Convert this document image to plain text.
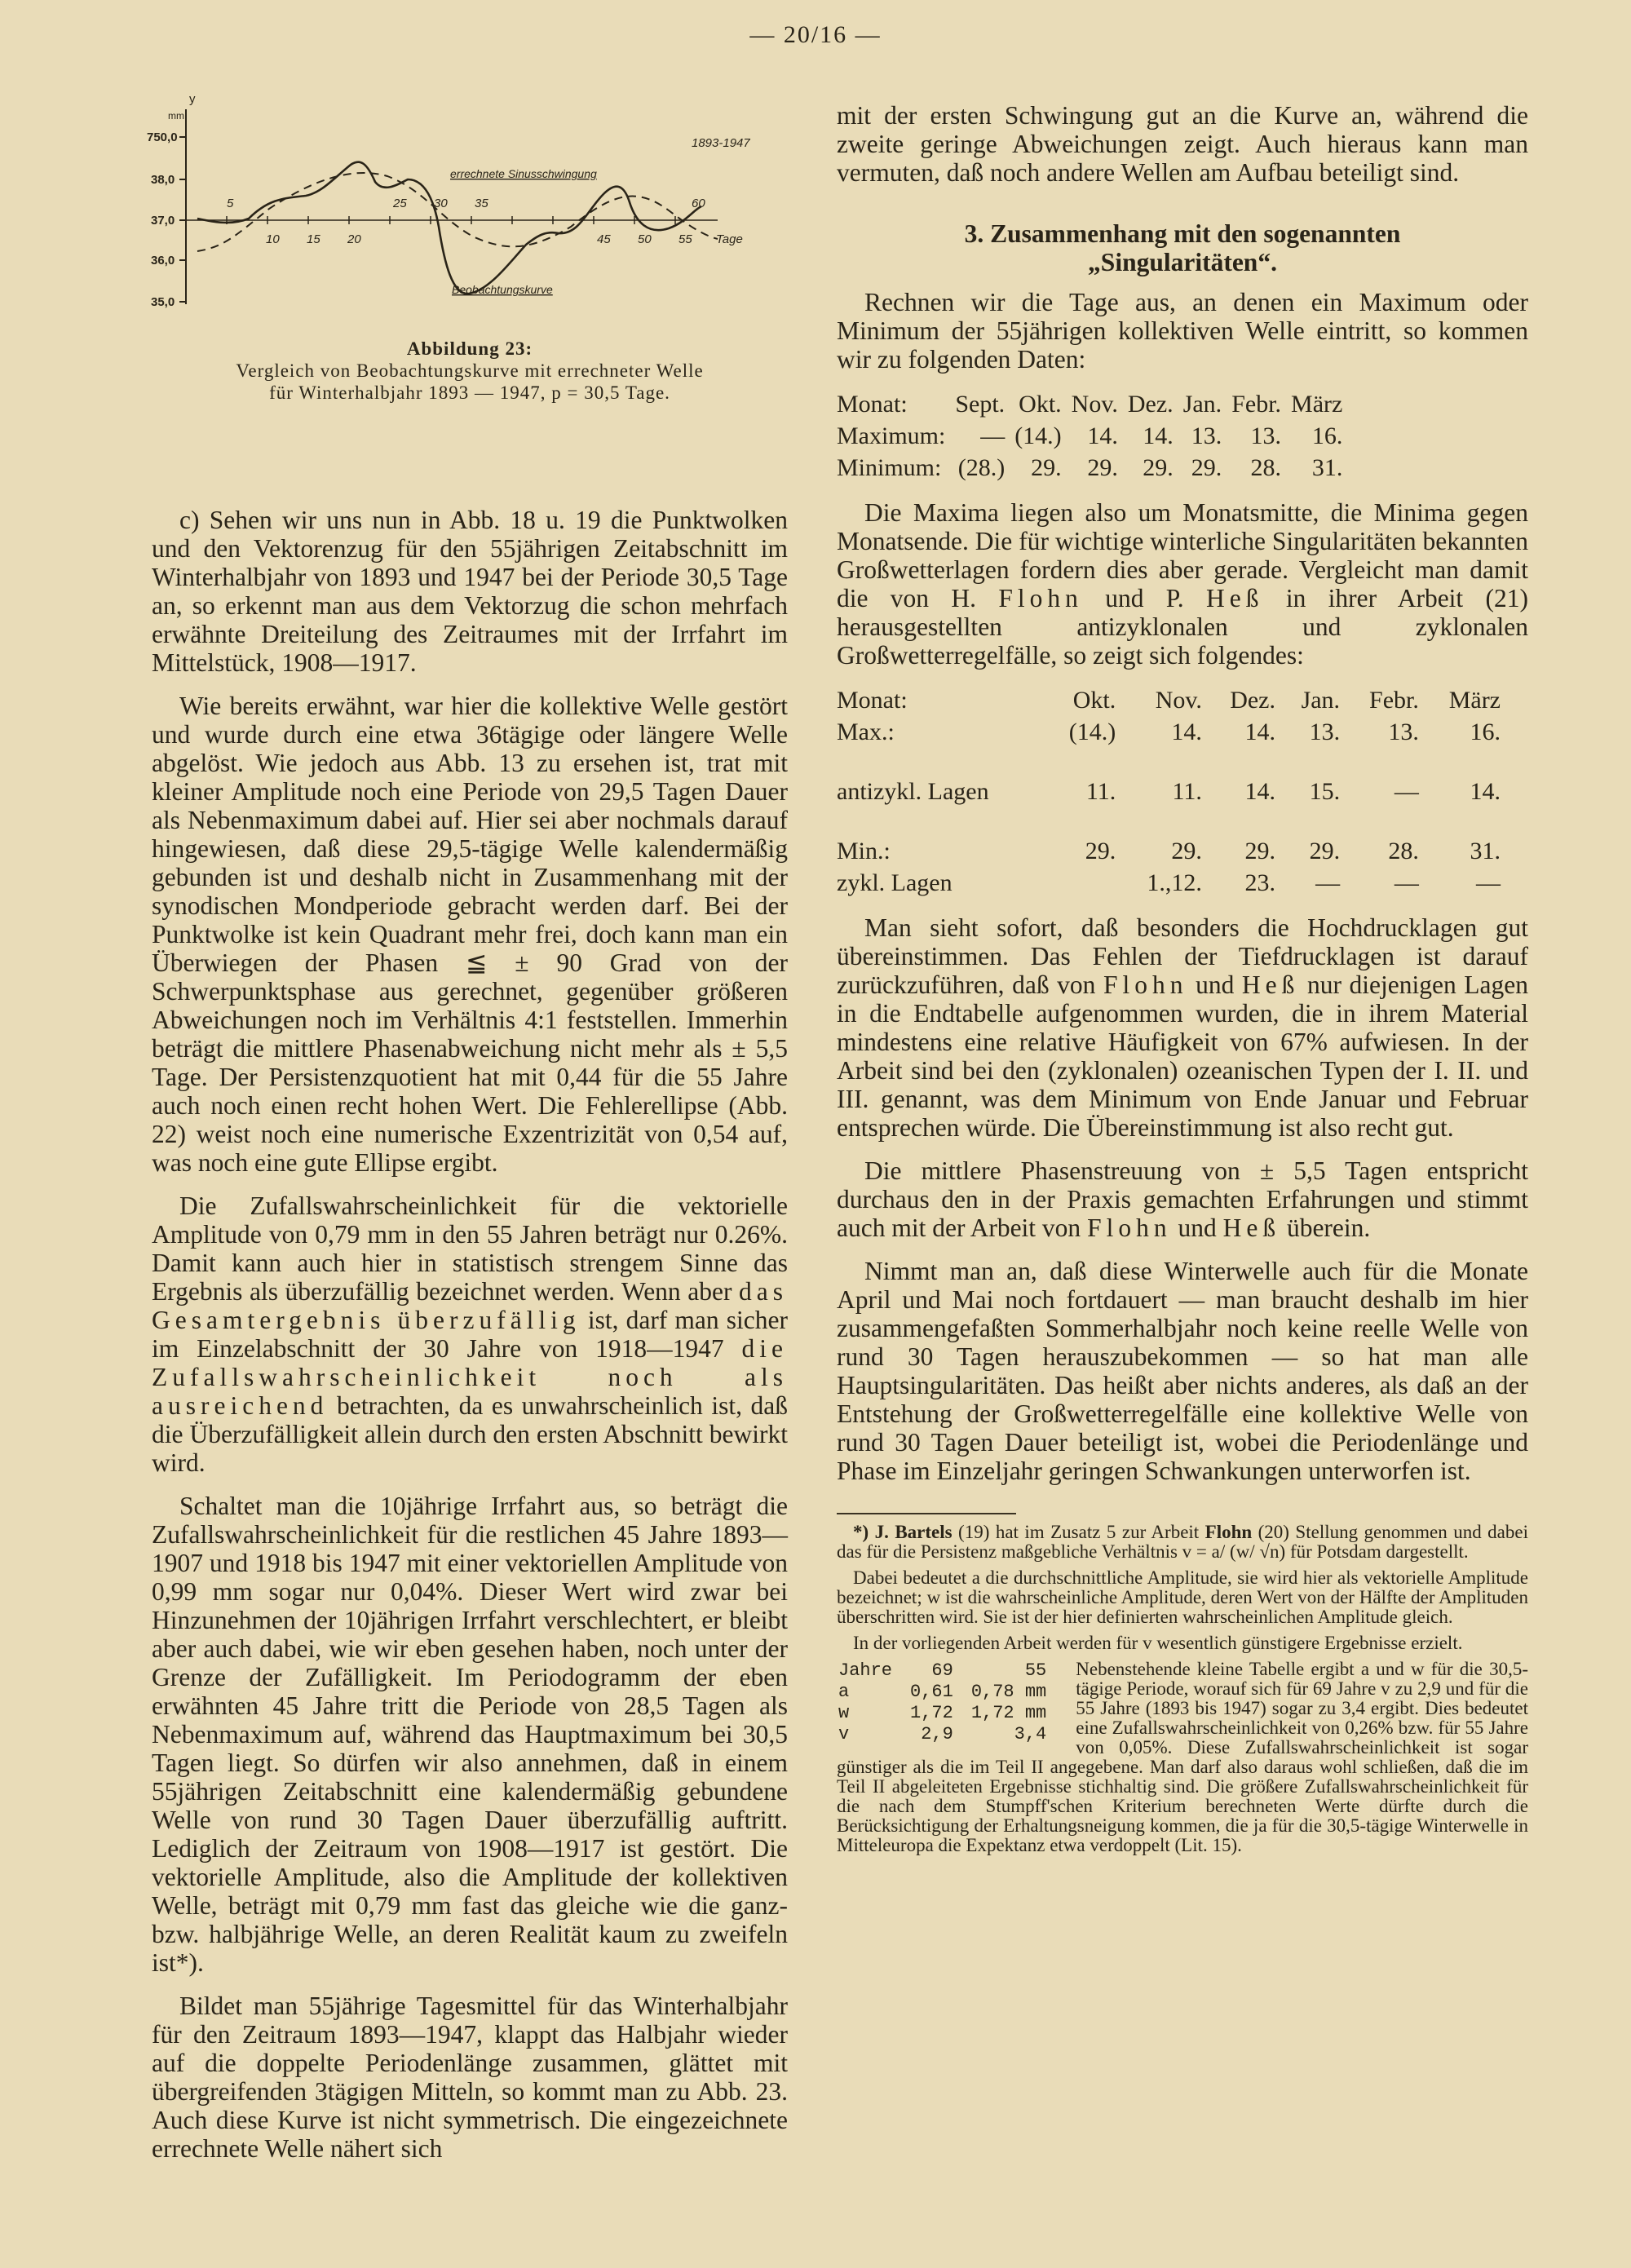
— 20/16 —
y
mm
750,0
38,0
37,0
36,0
35,0
5	25 30 35	60
10 15 20	45 50 55 Tage
1893-1947
errechnete Sinusschwingung
Beobachtungskurve
Abbildung 23:
Vergleich von Beobachtungskurve mit errechneter Welle
für Winterhalbjahr 1893 — 1947, p = 30,5 Tage.

c) Sehen wir uns nun in Abb. 18 u. 19 die Punktwolken und den Vektorenzug für den 55jährigen Zeitabschnitt im Winterhalbjahr von 1893 und 1947 bei der Periode 30,5 Tage an, so erkennt man aus dem Vektorzug die schon mehrfach erwähnte Dreiteilung des Zeitraumes mit der Irrfahrt im Mittelstück, 1908—1917.

Wie bereits erwähnt, war hier die kollektive Welle gestört und wurde durch eine etwa 36tägige oder längere Welle abgelöst. Wie jedoch aus Abb. 13 zu ersehen ist, trat mit kleiner Amplitude noch eine Periode von 29,5 Tagen Dauer als Nebenmaximum dabei auf. Hier sei aber nochmals darauf hingewiesen, daß diese 29,5-tägige Welle kalendermäßig gebunden ist und deshalb nicht in Zusammenhang mit der synodischen Mondperiode gebracht werden darf. Bei der Punktwolke ist kein Quadrant mehr frei, doch kann man ein Überwiegen der Phasen ≦ ± 90 Grad von der Schwerpunktsphase aus gerechnet, gegenüber größeren Abweichungen noch im Verhältnis 4:1 feststellen. Immerhin beträgt die mittlere Phasenabweichung nicht mehr als ± 5,5 Tage. Der Persistenzquotient hat mit 0,44 für die 55 Jahre auch noch einen recht hohen Wert. Die Fehlerellipse (Abb. 22) weist noch eine numerische Exzentrizität von 0,54 auf, was noch eine gute Ellipse ergibt.

Die Zufallswahrscheinlichkeit für die vektorielle Amplitude von 0,79 mm in den 55 Jahren beträgt nur 0.26%. Damit kann auch hier in statistisch strengem Sinne das Ergebnis als überzufällig bezeichnet werden. Wenn aber das Gesamtergebnis überzufällig ist, darf man sicher im Einzelabschnitt der 30 Jahre von 1918—1947 die Zufallswahrscheinlichkeit noch als ausreichend betrachten, da es unwahrscheinlich ist, daß die Überzufälligkeit allein durch den ersten Abschnitt bewirkt wird.

Schaltet man die 10jährige Irrfahrt aus, so beträgt die Zufallswahrscheinlichkeit für die restlichen 45 Jahre 1893—1907 und 1918 bis 1947 mit einer vektoriellen Amplitude von 0,99 mm sogar nur 0,04%. Dieser Wert wird zwar bei Hinzunehmen der 10jährigen Irrfahrt verschlechtert, er bleibt aber auch dabei, wie wir eben gesehen haben, noch unter der Grenze der Zufälligkeit. Im Periodogramm der eben erwähnten 45 Jahre tritt die Periode von 28,5 Tagen als Nebenmaximum auf, während das Hauptmaximum bei 30,5 Tagen liegt. So dürfen wir also annehmen, daß in einem 55jährigen Zeitabschnitt eine kalendermäßig gebundene Welle von rund 30 Tagen Dauer überzufällig auftritt. Lediglich der Zeitraum von 1908—1917 ist gestört. Die vektorielle Amplitude, also die Amplitude der kollektiven Welle, beträgt mit 0,79 mm fast das gleiche wie die ganz- bzw. halbjährige Welle, an deren Realität kaum zu zweifeln ist*).

Bildet man 55jährige Tagesmittel für das Winterhalbjahr für den Zeitraum 1893—1947, klappt das Halbjahr wieder auf die doppelte Periodenlänge zusammen, glättet mit übergreifenden 3tägigen Mitteln, so kommt man zu Abb. 23. Auch diese Kurve ist nicht symmetrisch. Die eingezeichnete errechnete Welle nähert sich

mit der ersten Schwingung gut an die Kurve an, während die zweite geringe Abweichungen zeigt. Auch hieraus kann man vermuten, daß noch andere Wellen am Aufbau beteiligt sind.

3. Zusammenhang mit den sogenannten
„Singularitäten“.

Rechnen wir die Tage aus, an denen ein Maximum oder Minimum der 55jährigen kollektiven Welle eintritt, so kommen wir zu folgenden Daten:

Monat:	Sept.	Okt.	Nov.	Dez.	Jan.	Febr.	März
Maximum:	—	(14.)	14.	14.	13.	13.	16.
Minimum:	(28.)	29.	29.	29.	29.	28.	31.

Die Maxima liegen also um Monatsmitte, die Minima gegen Monatsende. Die für wichtige winterliche Singularitäten bekannten Großwetterlagen fordern dies aber gerade. Vergleicht man damit die von H. Flohn und P. Heß in ihrer Arbeit (21) herausgestellten antizyklonalen und zyklonalen Großwetterregelfälle, so zeigt sich folgendes:

Monat:	Okt.	Nov.	Dez.	Jan.	Febr.	März
Max.:	(14.)	14.	14.	13.	13.	16.

antizykl. Lagen	11.	11.	14.	15.	—	14.

Min.:	29.	29.	29.	29.	28.	31.
zykl. Lagen		1.,12.	23.	—	—	—

Man sieht sofort, daß besonders die Hochdrucklagen gut übereinstimmen. Das Fehlen der Tiefdrucklagen ist darauf zurückzuführen, daß von Flohn und Heß nur diejenigen Lagen in die Endtabelle aufgenommen wurden, die in ihrem Material mindestens eine relative Häufigkeit von 67% aufwiesen. In der Arbeit sind bei den (zyklonalen) ozeanischen Typen der I. II. und III. genannt, was dem Minimum von Ende Januar und Februar entsprechen würde. Die Übereinstimmung ist also recht gut.

Die mittlere Phasenstreuung von ± 5,5 Tagen entspricht durchaus den in der Praxis gemachten Erfahrungen und stimmt auch mit der Arbeit von Flohn und Heß überein.

Nimmt man an, daß diese Winterwelle auch für die Monate April und Mai noch fortdauert — man braucht deshalb im hier zusammengefaßten Sommerhalbjahr noch keine reelle Welle von rund 30 Tagen herauszubekommen — so hat man alle Hauptsingularitäten. Das heißt aber nichts anderes, als daß an der Entstehung der Großwetterregelfälle eine kollektive Welle von rund 30 Tagen Dauer beteiligt ist, wobei die Periodenlänge und Phase im Einzeljahr geringen Schwankungen unterworfen ist.

*) J. Bartels (19) hat im Zusatz 5 zur Arbeit Flohn (20) Stellung genommen und dabei das für die Persistenz maßgebliche Verhältnis v = a/ (w/ √n) für Potsdam dargestellt.

Dabei bedeutet a die durchschnittliche Amplitude, sie wird hier als vektorielle Amplitude bezeichnet; w ist die wahrscheinliche Amplitude, deren Wert von der Hälfte der Amplituden überschritten wird. Sie ist der hier definierten wahrscheinlichen Amplitude gleich.

In der vorliegenden Arbeit werden für v wesentlich günstigere Ergebnisse erzielt.

Jahre	69	55
a	0,61	0,78 mm
w	1,72	1,72 mm
v	2,9	3,4
Nebenstehende kleine Tabelle ergibt a und w für die 30,5-tägige Periode, worauf sich für 69 Jahre v zu 2,9 und für die 55 Jahre (1893 bis 1947) sogar zu 3,4 ergibt. Dies bedeutet eine Zufallswahrscheinlichkeit von 0,26% bzw. für 55 Jahre von 0,05%. Diese Zufallswahrscheinlichkeit ist sogar günstiger als die im Teil II angegebene. Man darf also daraus wohl schließen, daß die im Teil II abgeleiteten Ergebnisse stichhaltig sind. Die größere Zufallswahrscheinlichkeit für die nach dem Stumpff'schen Kriterium berechneten Werte dürfte durch die Berücksichtigung der Erhaltungsneigung kommen, die ja für die 30,5-tägige Winterwelle in Mitteleuropa die Expektanz etwa verdoppelt (Lit. 15).
